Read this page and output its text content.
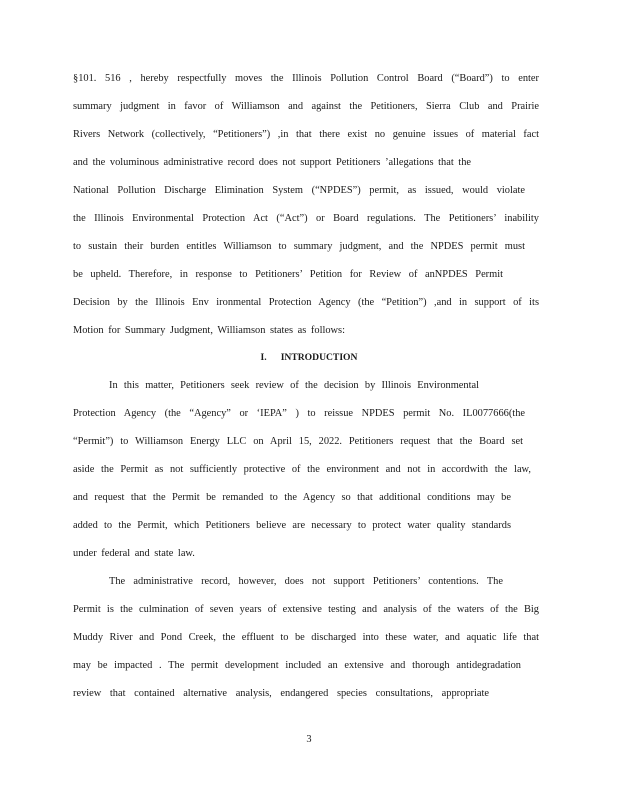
§101. 516 , hereby respectfully moves the Illinois Pollution Control Board (“Board”) to enter
summary judgment in favor of Williamson and against the Petitioners, Sierra Club and Prairie
Rivers Network (collectively, “Petitioners”) ,in that there exist no genuine issues of material fact
and the voluminous administrative record does not support Petitioners ’allegations that the
National Pollution Discharge Elimination System (“NPDES”) permit, as issued, would violate
the Illinois Environmental Protection Act (“Act”) or Board regulations. The Petitioners’ inability
to sustain their burden entitles Williamson to summary judgment, and the NPDES permit must
be upheld. Therefore, in response to Petitioners’ Petition for Review of anNPDES Permit
Decision by the Illinois Env ironmental Protection Agency (the “Petition”) ,and in support of its
Motion for Summary Judgment, Williamson states as follows:
I. INTRODUCTION
In this matter, Petitioners seek review of the decision by Illinois Environmental
Protection Agency (the “Agency” or ‘IEPA” ) to reissue NPDES permit No. IL0077666(the
“Permit”) to Williamson Energy LLC on April 15, 2022. Petitioners request that the Board set
aside the Permit as not sufficiently protective of the environment and not in accordwith the law,
and request that the Permit be remanded to the Agency so that additional conditions may be
added to the Permit, which Petitioners believe are necessary to protect water quality standards
under federal and state law.
The administrative record, however, does not support Petitioners’ contentions. The
Permit is the culmination of seven years of extensive testing and analysis of the waters of the Big
Muddy River and Pond Creek, the effluent to be discharged into these water, and aquatic life that
may be impacted . The permit development included an extensive and thorough antidegradation
review that contained alternative analysis, endangered species consultations, appropriate
3
